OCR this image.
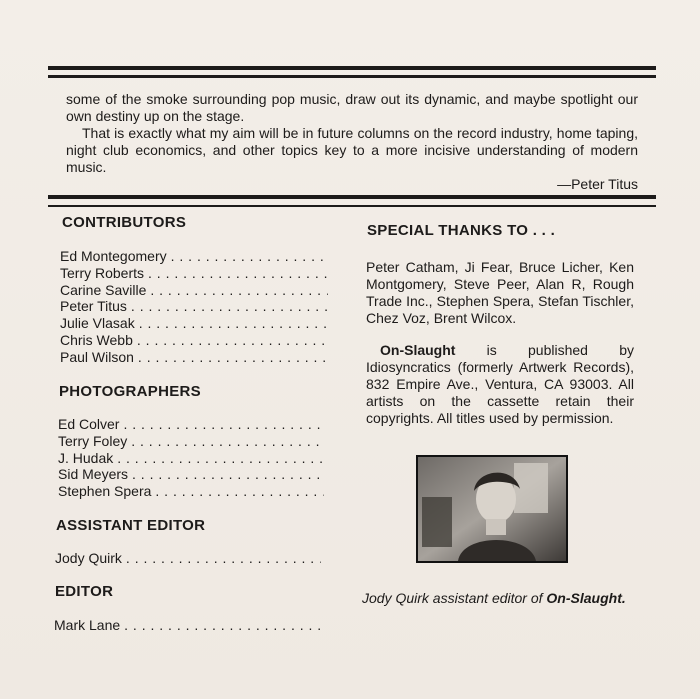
some of the smoke surrounding pop music, draw out its dynamic, and maybe spotlight our own destiny up on the stage.

That is exactly what my aim will be in future columns on the record industry, home taping, night club economics, and other topics key to a more incisive understanding of modern music.

—Peter Titus
CONTRIBUTORS
Ed Montegomery
. . .
Terry Roberts
. . .
Carine Saville
. . .
Peter Titus
. . .
Julie Vlasak
. . .
Chris Webb
. . .
Paul Wilson
. . .
PHOTOGRAPHERS
Ed Colver
. . .
Terry Foley
. . .
J. Hudak
. . .
Sid Meyers
. . .
Stephen Spera
. . .
ASSISTANT EDITOR
Jody Quirk
. . .
EDITOR
Mark Lane
. . .
SPECIAL THANKS TO . . .
Peter Catham, Ji Fear, Bruce Licher, Ken Montgomery, Steve Peer, Alan R, Rough Trade Inc., Stephen Spera, Stefan Tischler, Chez Voz, Brent Wilcox.
On-Slaught is published by Idiosyncratics (formerly Artwerk Records), 832 Empire Ave., Ventura, CA 93003. All artists on the cassette retain their copyrights. All titles used by permission.
Jody Quirk assistant editor of On-Slaught.
